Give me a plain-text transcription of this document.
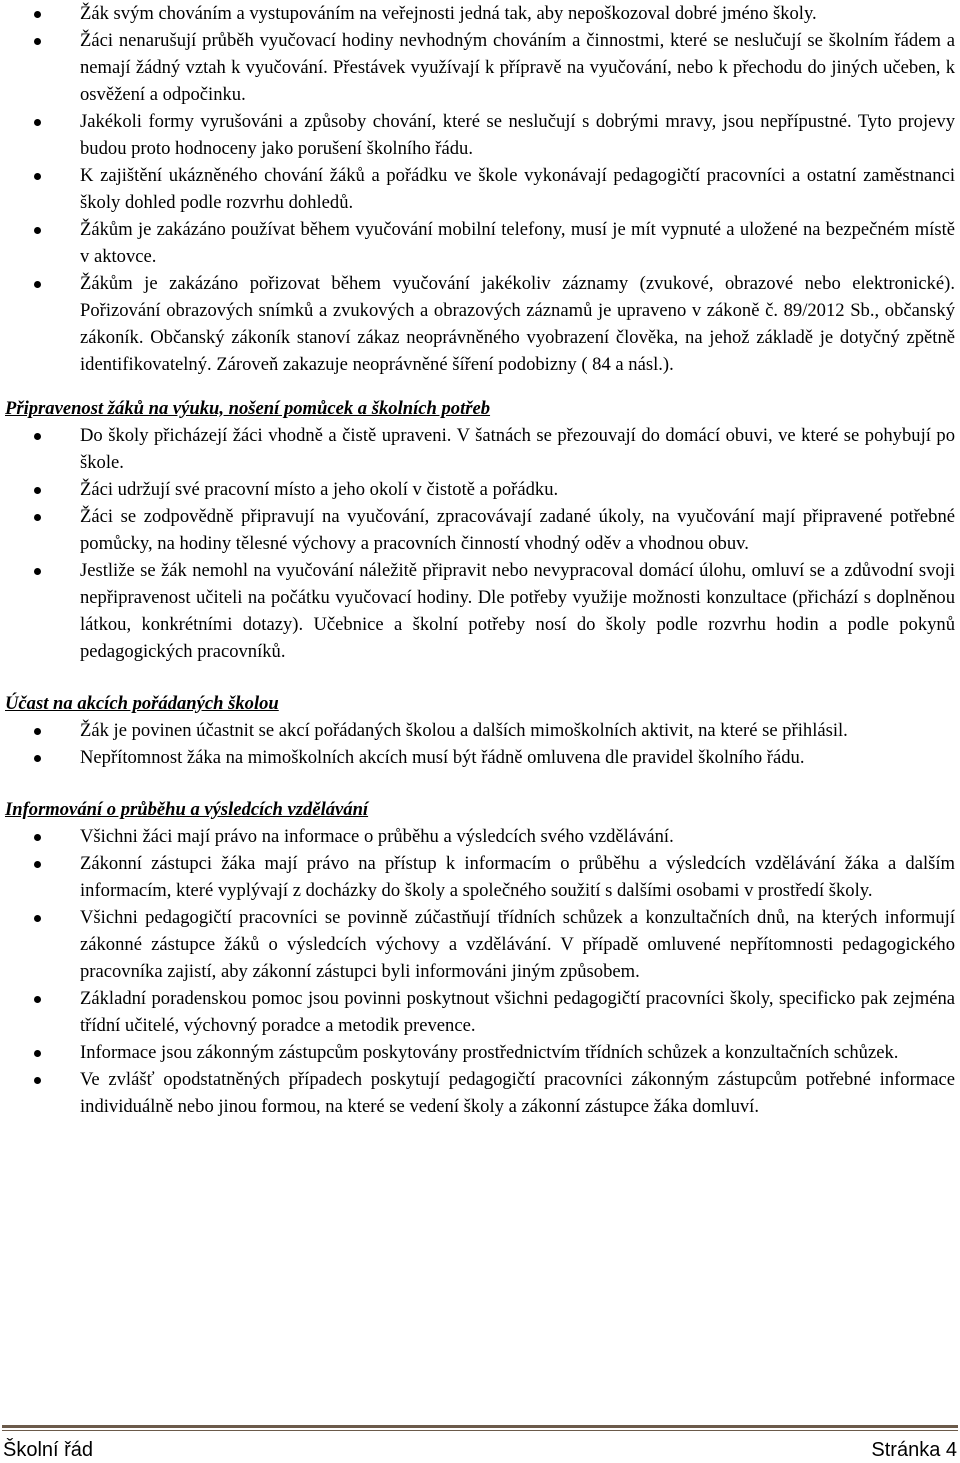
Žák svým chováním a vystupováním na veřejnosti jedná tak, aby nepoškozoval dobré jméno školy.
Žáci nenarušují průběh vyučovací hodiny nevhodným chováním a činnostmi, které se neslučují se školním řádem a nemají žádný vztah k vyučování. Přestávek využívají k přípravě na vyučování, nebo k přechodu do jiných učeben, k osvěžení a odpočinku.
Jakékoli formy vyrušováni a způsoby chování, které se neslučují s dobrými mravy, jsou nepřípustné. Tyto projevy budou proto hodnoceny jako porušení školního řádu.
K zajištění ukázněného chování žáků a pořádku ve škole vykonávají pedagogičtí pracovníci a ostatní zaměstnanci školy dohled podle rozvrhu dohledů.
Žákům je zakázáno používat během vyučování mobilní telefony, musí je mít vypnuté a uložené na bezpečném místě v aktovce.
Žákům je zakázáno pořizovat během vyučování jakékoliv záznamy (zvukové, obrazové nebo elektronické). Pořizování obrazových snímků a zvukových a obrazových záznamů je upraveno v zákoně č. 89/2012 Sb., občanský zákoník. Občanský zákoník stanoví zákaz neoprávněného vyobrazení člověka, na jehož základě je dotyčný zpětně identifikovatelný. Zároveň zakazuje neoprávněné šíření podobizny ( 84 a násl.).
Připravenost žáků na výuku, nošení pomůcek a školních potřeb
Do školy přicházejí žáci vhodně a čistě upraveni. V šatnách se přezouvají do domácí obuvi, ve které se pohybují po škole.
Žáci udržují své pracovní místo a jeho okolí v čistotě a pořádku.
Žáci se zodpovědně připravují na vyučování, zpracovávají zadané úkoly, na vyučování mají připravené potřebné pomůcky, na hodiny tělesné výchovy a pracovních činností vhodný oděv a vhodnou obuv.
Jestliže se žák nemohl na vyučování náležitě připravit nebo nevypracoval domácí úlohu, omluví se a zdůvodní svoji nepřipravenost učiteli na počátku vyučovací hodiny. Dle potřeby využije možnosti konzultace (přichází s doplněnou látkou, konkrétními dotazy). Učebnice a školní potřeby nosí do školy podle rozvrhu hodin a podle pokynů pedagogických pracovníků.
Účast na akcích pořádaných školou
Žák je povinen účastnit se akcí pořádaných školou a dalších mimoškolních aktivit, na které se přihlásil.
Nepřítomnost žáka na mimoškolních akcích musí být řádně omluvena dle pravidel školního řádu.
Informování o průběhu a výsledcích vzdělávání
Všichni žáci mají právo na informace o průběhu a výsledcích svého vzdělávání.
Zákonní zástupci žáka mají právo na přístup k informacím o průběhu a výsledcích vzdělávání žáka a dalším informacím, které vyplývají z docházky do školy a společného soužití s dalšími osobami v prostředí školy.
Všichni pedagogičtí pracovníci se povinně zúčastňují třídních schůzek a konzultačních dnů, na kterých informují zákonné zástupce žáků o výsledcích výchovy a vzdělávání. V případě omluvené nepřítomnosti pedagogického pracovníka zajistí, aby zákonní zástupci byli informováni jiným způsobem.
Základní poradenskou pomoc jsou povinni poskytnout všichni pedagogičtí pracovníci školy, specificko pak zejména třídní učitelé, výchovný poradce a metodik prevence.
Informace jsou zákonným zástupcům poskytovány prostřednictvím třídních schůzek a konzultačních schůzek.
Ve zvlášť opodstatněných případech poskytují pedagogičtí pracovníci zákonným zástupcům potřebné informace individuálně nebo jinou formou, na které se vedení školy a zákonní zástupce žáka domluví.
Školní řád	Stránka 4
